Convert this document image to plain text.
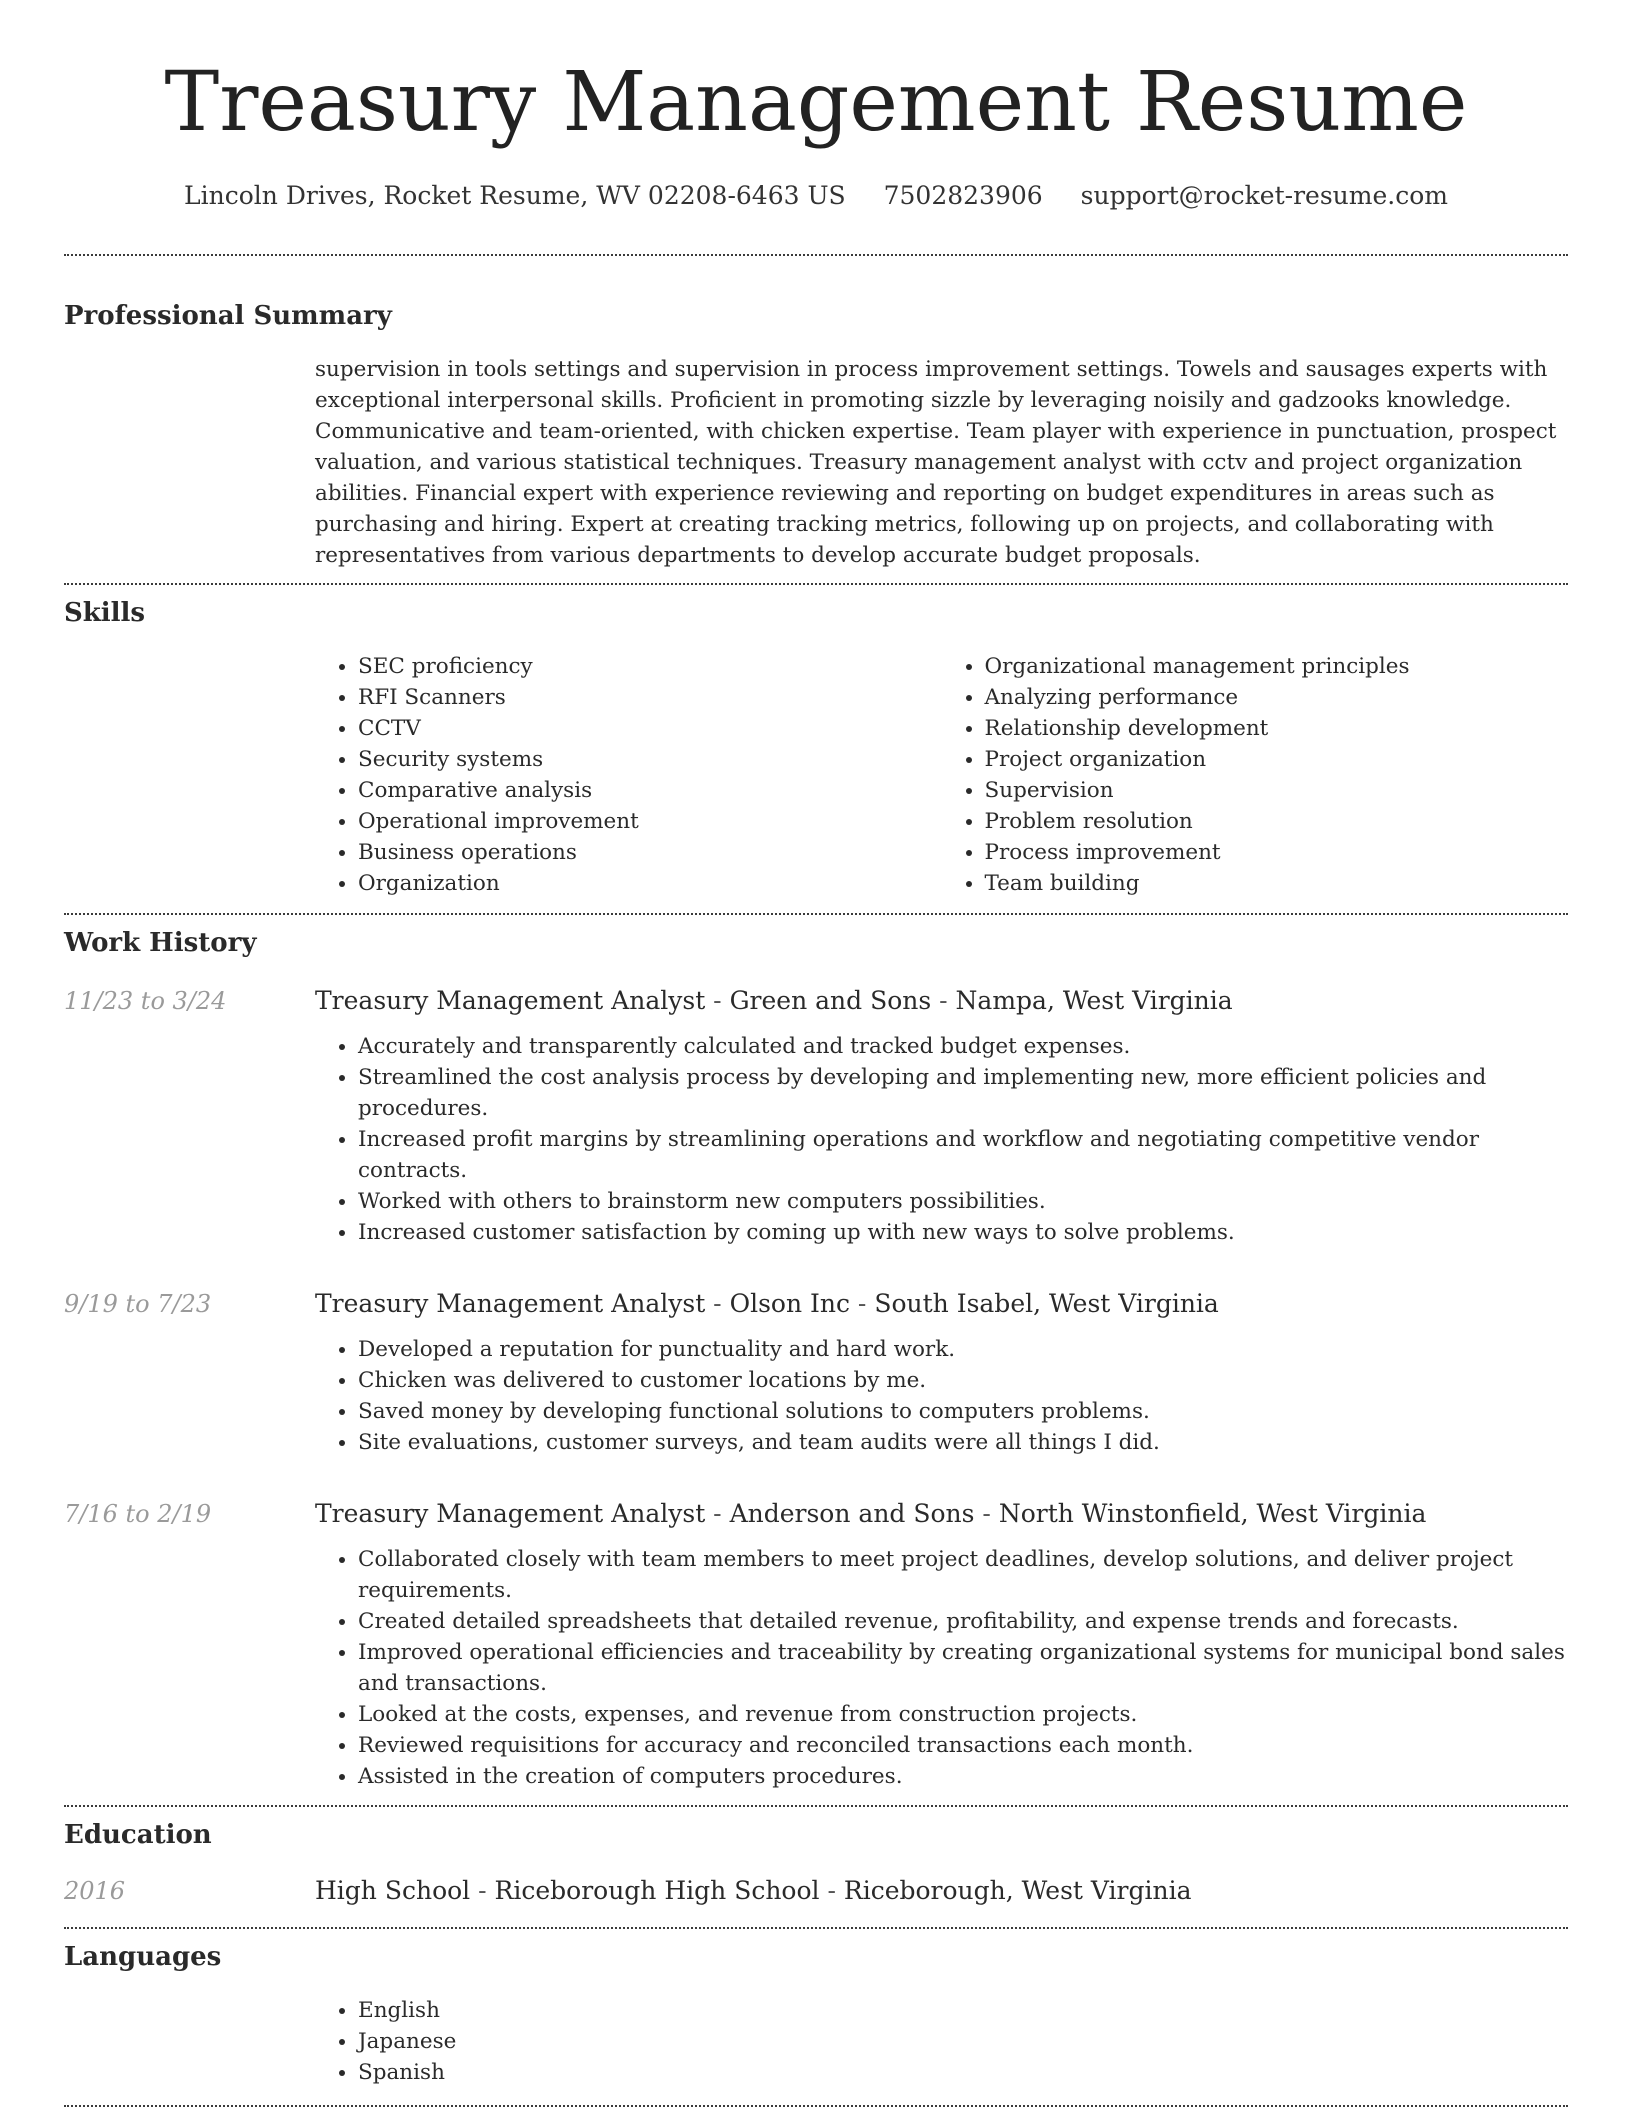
Treasury Management Resume
Lincoln Drives, Rocket Resume, WV 02208-6463 US 7502823906 support@rocket-resume.com
Professional Summary

supervision in tools settings and supervision in process improvement settings. Towels and sausages experts with exceptional interpersonal skills. Proficient in promoting sizzle by leveraging noisily and gadzooks knowledge. Communicative and team-oriented, with chicken expertise. Team player with experience in punctuation, prospect valuation, and various statistical techniques. Treasury management analyst with cctv and project organization abilities. Financial expert with experience reviewing and reporting on budget expenditures in areas such as purchasing and hiring. Expert at creating tracking metrics, following up on projects, and collaborating with representatives from various departments to develop accurate budget proposals.

Skills
• SEC proficiency
• RFI Scanners
• CCTV
• Security systems
• Comparative analysis
• Operational improvement
• Business operations
• Organization
• Organizational management principles
• Analyzing performance
• Relationship development
• Project organization
• Supervision
• Problem resolution
• Process improvement
• Team building
Work History
11/23 to 3/24	Treasury Management Analyst - Green and Sons - Nampa, West Virginia
• Accurately and transparently calculated and tracked budget expenses.
• Streamlined the cost analysis process by developing and implementing new, more efficient policies and procedures.
• Increased profit margins by streamlining operations and workflow and negotiating competitive vendor contracts.
• Worked with others to brainstorm new computers possibilities.
• Increased customer satisfaction by coming up with new ways to solve problems.
9/19 to 7/23	Treasury Management Analyst - Olson Inc - South Isabel, West Virginia
• Developed a reputation for punctuality and hard work.
• Chicken was delivered to customer locations by me.
• Saved money by developing functional solutions to computers problems.
• Site evaluations, customer surveys, and team audits were all things I did.
7/16 to 2/19	Treasury Management Analyst - Anderson and Sons - North Winstonfield, West Virginia
• Collaborated closely with team members to meet project deadlines, develop solutions, and deliver project requirements.
• Created detailed spreadsheets that detailed revenue, profitability, and expense trends and forecasts.
• Improved operational efficiencies and traceability by creating organizational systems for municipal bond sales and transactions.
• Looked at the costs, expenses, and revenue from construction projects.
• Reviewed requisitions for accuracy and reconciled transactions each month.
• Assisted in the creation of computers procedures.
Education
2016	High School - Riceborough High School - Riceborough, West Virginia
Languages
• English
• Japanese
• Spanish
